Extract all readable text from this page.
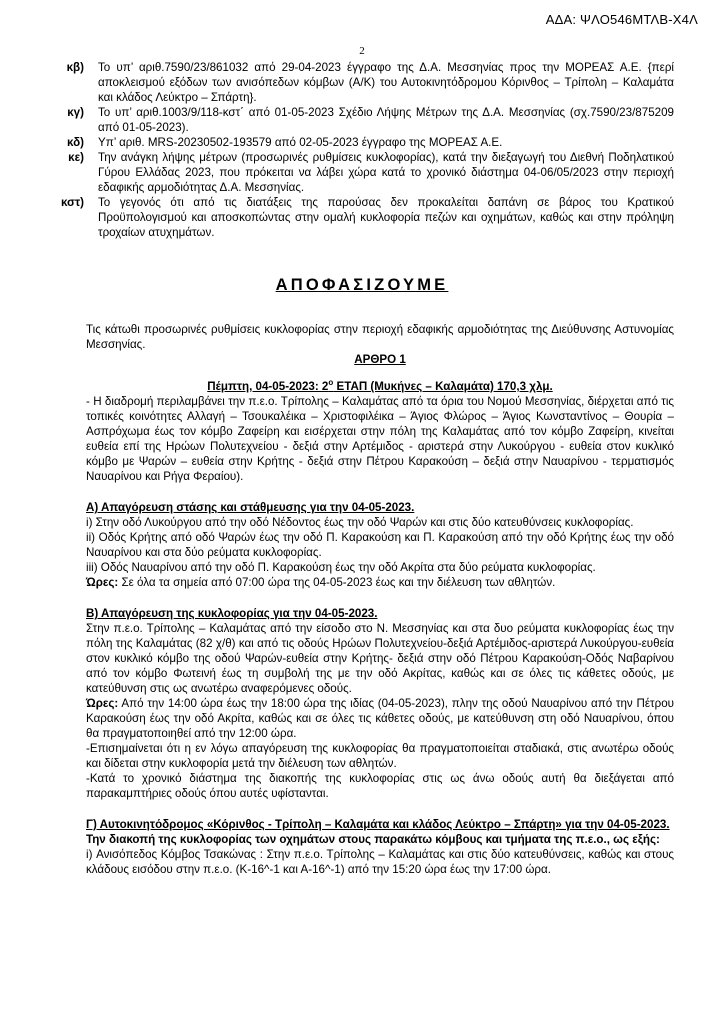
ΑΔΑ: ΨΛΟ546ΜΤΛΒ-Χ4Λ
2
κβ)	Το υπ’ αριθ.7590/23/861032 από 29-04-2023 έγγραφο της Δ.Α. Μεσσηνίας προς την ΜΟΡΕΑΣ Α.Ε. {περί αποκλεισμού εξόδων των ανισόπεδων κόμβων (Α/Κ) του Αυτοκινητόδρομου Κόρινθος – Τρίπολη – Καλαμάτα και κλάδος Λεύκτρο – Σπάρτη}.
κγ)	Το υπ’ αριθ.1003/9/118-κστ΄ από 01-05-2023 Σχέδιο Λήψης Μέτρων της Δ.Α. Μεσσηνίας (σχ.7590/23/875209 από 01-05-2023).
κδ)	Υπ’ αριθ. MRS-20230502-193579 από 02-05-2023 έγγραφο της ΜΟΡΕΑΣ Α.Ε.
κε)	Την ανάγκη λήψης μέτρων (προσωρινές ρυθμίσεις κυκλοφορίας), κατά την διεξαγωγή του Διεθνή Ποδηλατικού Γύρου Ελλάδας 2023, που πρόκειται να λάβει χώρα κατά το χρονικό διάστημα 04-06/05/2023 στην περιοχή εδαφικής αρμοδιότητας Δ.Α. Μεσσηνίας.
κστ)	Το γεγονός ότι από τις διατάξεις της παρούσας δεν προκαλείται δαπάνη σε βάρος του Κρατικού Προϋπολογισμού και αποσκοπώντας στην ομαλή κυκλοφορία πεζών και οχημάτων, καθώς και στην πρόληψη τροχαίων ατυχημάτων.
ΑΠΟΦΑΣΙΖΟΥΜΕ

Τις κάτωθι προσωρινές ρυθμίσεις κυκλοφορίας στην περιοχή εδαφικής αρμοδιότητας της Διεύθυνσης Αστυνομίας Μεσσηνίας.

ΑΡΘΡΟ 1

Πέμπτη, 04-05-2023: $2^o$ ΕΤΑΠ (Μυκήνες – Καλαμάτα) 170,3 χλμ.

- Η διαδρομή περιλαμβάνει την π.ε.ο. Τρίπολης – Καλαμάτας από τα όρια του Νομού Μεσσηνίας, διέρχεται από τις τοπικές κοινότητες Αλλαγή – Τσουκαλέικα – Χριστοφιλέικα – Άγιος Φλώρος – Άγιος Κωνσταντίνος – Θουρία – Ασπρόχωμα έως τον κόμβο Ζαφείρη και εισέρχεται στην πόλη της Καλαμάτας από τον κόμβο Ζαφείρη, κινείται ευθεία επί της Ηρώων Πολυτεχνείου - δεξιά στην Αρτέμιδος - αριστερά στην Λυκούργου - ευθεία στον κυκλικό κόμβο με Ψαρών – ευθεία στην Κρήτης - δεξιά στην Πέτρου Καρακούση – δεξιά στην Ναυαρίνου - τερματισμός Ναυαρίνου και Ρήγα Φεραίου).

Α) Απαγόρευση στάσης και στάθμευσης για την 04-05-2023.

i) Στην οδό Λυκούργου από την οδό Νέδοντος έως την οδό Ψαρών και στις δύο κατευθύνσεις κυκλοφορίας.

ii) Οδός Κρήτης από οδό Ψαρών έως την οδό Π. Καρακούση και Π. Καρακούση από την οδό Κρήτης έως την οδό Ναυαρίνου και στα δύο ρεύματα κυκλοφορίας.

iii) Οδός Ναυαρίνου από την οδό Π. Καρακούση έως την οδό Ακρίτα στα δύο ρεύματα κυκλοφορίας.

Ώρες: Σε όλα τα σημεία από 07:00 ώρα της 04-05-2023 έως και την διέλευση των αθλητών.

Β) Απαγόρευση της κυκλοφορίας για την 04-05-2023.

Στην π.ε.ο. Τρίπολης – Καλαμάτας από την είσοδο στο Ν. Μεσσηνίας και στα δυο ρεύματα κυκλοφορίας έως την πόλη της Καλαμάτας (82 χ/θ) και από τις οδούς Ηρώων Πολυτεχνείου-δεξιά Αρτέμιδος-αριστερά Λυκούργου-ευθεία στον κυκλικό κόμβο της οδού Ψαρών-ευθεία στην Κρήτης- δεξιά στην οδό Πέτρου Καρακούση-Οδός Ναβαρίνου από τον κόμβο Φωτεινή έως τη συμβολή της με την οδό Ακρίτας, καθώς και σε όλες τις κάθετες οδούς, με κατεύθυνση στις ως ανωτέρω αναφερόμενες οδούς.

Ώρες: Από την 14:00 ώρα έως την 18:00 ώρα της ιδίας (04-05-2023), πλην της οδού Ναυαρίνου από την Πέτρου Καρακούση έως την οδό Ακρίτα, καθώς και σε όλες τις κάθετες οδούς, με κατεύθυνση στη οδό Ναυαρίνου, όπου θα πραγματοποιηθεί από την 12:00 ώρα.

-Επισημαίνεται ότι η εν λόγω απαγόρευση της κυκλοφορίας θα πραγματοποιείται σταδιακά, στις ανωτέρω οδούς και δίδεται στην κυκλοφορία μετά την διέλευση των αθλητών.

-Κατά το χρονικό διάστημα της διακοπής της κυκλοφορίας στις ως άνω οδούς αυτή θα διεξάγεται από παρακαμπτήριες οδούς όπου αυτές υφίστανται.

Γ) Αυτοκινητόδρομος «Κόρινθος - Τρίπολη – Καλαμάτα και κλάδος Λεύκτρο – Σπάρτη» για την 04-05-2023.

Την διακοπή της κυκλοφορίας των οχημάτων στους παρακάτω κόμβους και τμήματα της π.ε.ο., ως εξής:

i) Ανισόπεδος Κόμβος Τσακώνας : Στην π.ε.ο. Τρίπολης – Καλαμάτας και στις δύο κατευθύνσεις, καθώς και στους κλάδους εισόδου στην π.ε.ο. (Κ-16^-1 και Α-16^-1) από την 15:20 ώρα έως την 17:00 ώρα.
